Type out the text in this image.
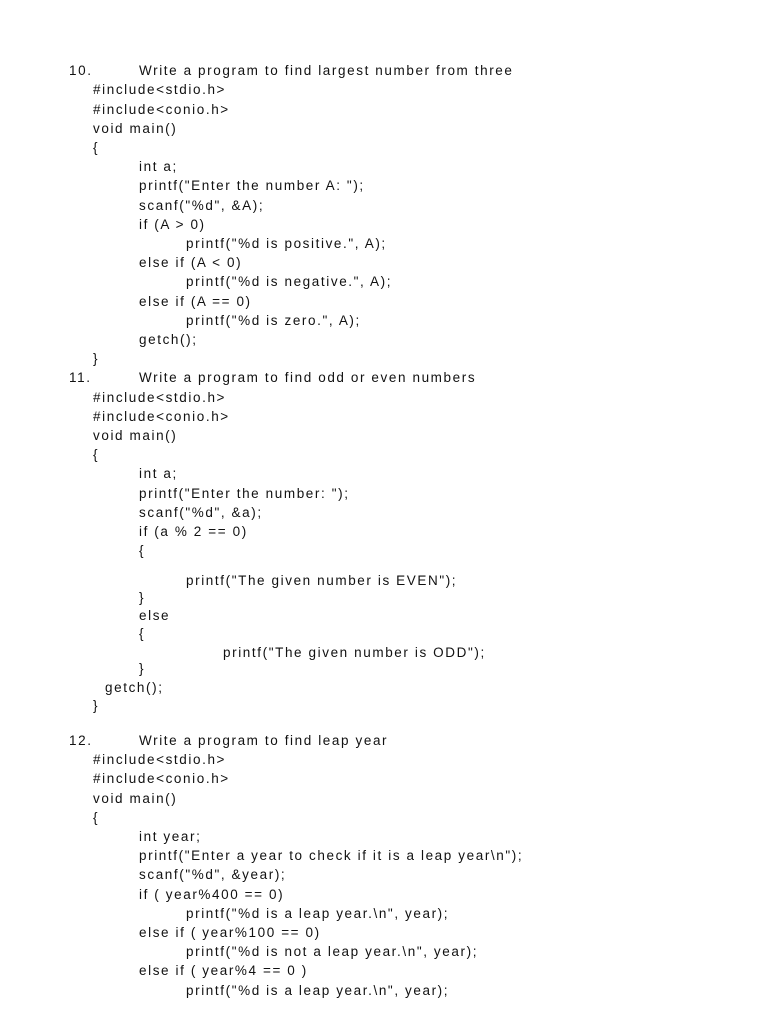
10.	Write a program to find largest number from three
#include<stdio.h>
#include<conio.h>
void main()
{
int a;
printf("Enter the number A: ");
scanf("%d", &A);
if (A > 0)
printf("%d is positive.", A);
else if (A < 0)
printf("%d is negative.", A);
else if (A == 0)
printf("%d is zero.", A);
getch();
}
11.	Write a program to find odd or even numbers
#include<stdio.h>
#include<conio.h>
void main()
{
int a;
printf("Enter the number: ");
scanf("%d", &a);
if (a % 2 == 0)
{
printf("The given number is EVEN");
}
else
{
printf("The given number is ODD");
}
getch();
}
12.	Write a program to find leap year
#include<stdio.h>
#include<conio.h>
void main()
{
int year;
printf("Enter a year to check if it is a leap year\n");
scanf("%d", &year);
if ( year%400 == 0)
printf("%d is a leap year.\n", year);
else if ( year%100 == 0)
printf("%d is not a leap year.\n", year);
else if ( year%4 == 0 )
printf("%d is a leap year.\n", year);
